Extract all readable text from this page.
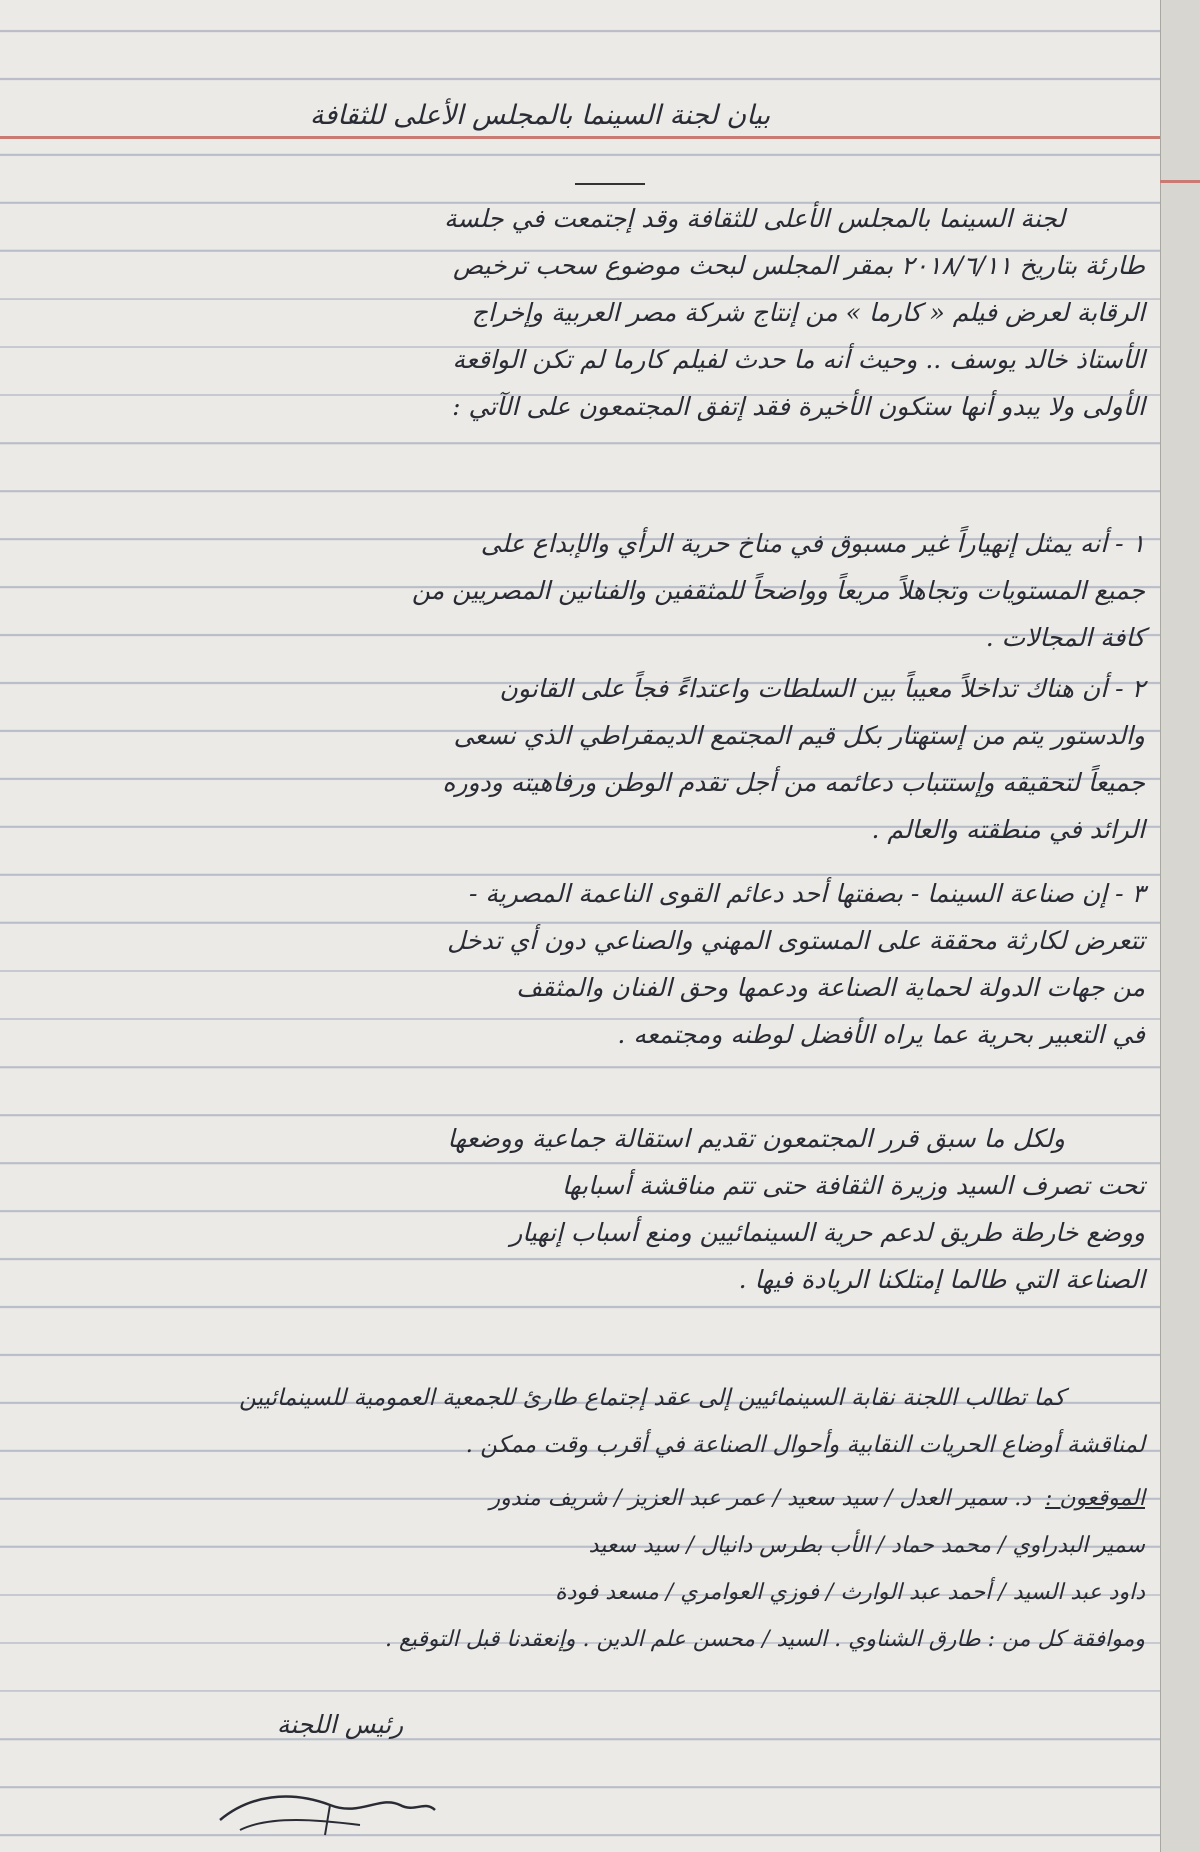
بيان لجنة السينما بالمجلس الأعلى للثقافة
لجنة السينما بالمجلس الأعلى للثقافة وقد إجتمعت في جلسة
طارئة بتاريخ ٢٠١٨/٦/١١ بمقر المجلس لبحث موضوع سحب ترخيص
الرقابة لعرض فيلم « كارما » من إنتاج شركة مصر العربية وإخراج
الأستاذ خالد يوسف .. وحيث أنه ما حدث لفيلم كارما لم تكن الواقعة
الأولى ولا يبدو أنها ستكون الأخيرة فقد إتفق المجتمعون على الآتي :
١ - أنه يمثل إنهياراً غير مسبوق في مناخ حرية الرأي والإبداع على
جميع المستويات وتجاهلاً مريعاً وواضحاً للمثقفين والفنانين المصريين من
كافة المجالات .
٢ - أن هناك تداخلاً معيباً بين السلطات واعتداءً فجاً على القانون
والدستور يتم من إستهتار بكل قيم المجتمع الديمقراطي الذي نسعى
جميعاً لتحقيقه وإستتباب دعائمه من أجل تقدم الوطن ورفاهيته ودوره
الرائد في منطقته والعالم .
٣ - إن صناعة السينما - بصفتها أحد دعائم القوى الناعمة المصرية -
تتعرض لكارثة محققة على المستوى المهني والصناعي دون أي تدخل
من جهات الدولة لحماية الصناعة ودعمها وحق الفنان والمثقف
في التعبير بحرية عما يراه الأفضل لوطنه ومجتمعه .
ولكل ما سبق قرر المجتمعون تقديم استقالة جماعية ووضعها
تحت تصرف السيد وزيرة الثقافة حتى تتم مناقشة أسبابها
ووضع خارطة طريق لدعم حرية السينمائيين ومنع أسباب إنهيار
الصناعة التي طالما إمتلكنا الريادة فيها .
كما تطالب اللجنة نقابة السينمائيين إلى عقد إجتماع طارئ للجمعية العمومية للسينمائيين
لمناقشة أوضاع الحريات النقابية وأحوال الصناعة في أقرب وقت ممكن .
الموقعون :  د. سمير العدل / سيد سعيد / عمر عبد العزيز / شريف مندور
سمير البدراوي / محمد حماد / الأب بطرس دانيال / سيد سعيد
داود عبد السيد / أحمد عبد الوارث / فوزي العوامري / مسعد فودة
وموافقة كل من : طارق الشناوي . السيد / محسن علم الدين . وإنعقدنا قبل التوقيع .
رئيس اللجنة
